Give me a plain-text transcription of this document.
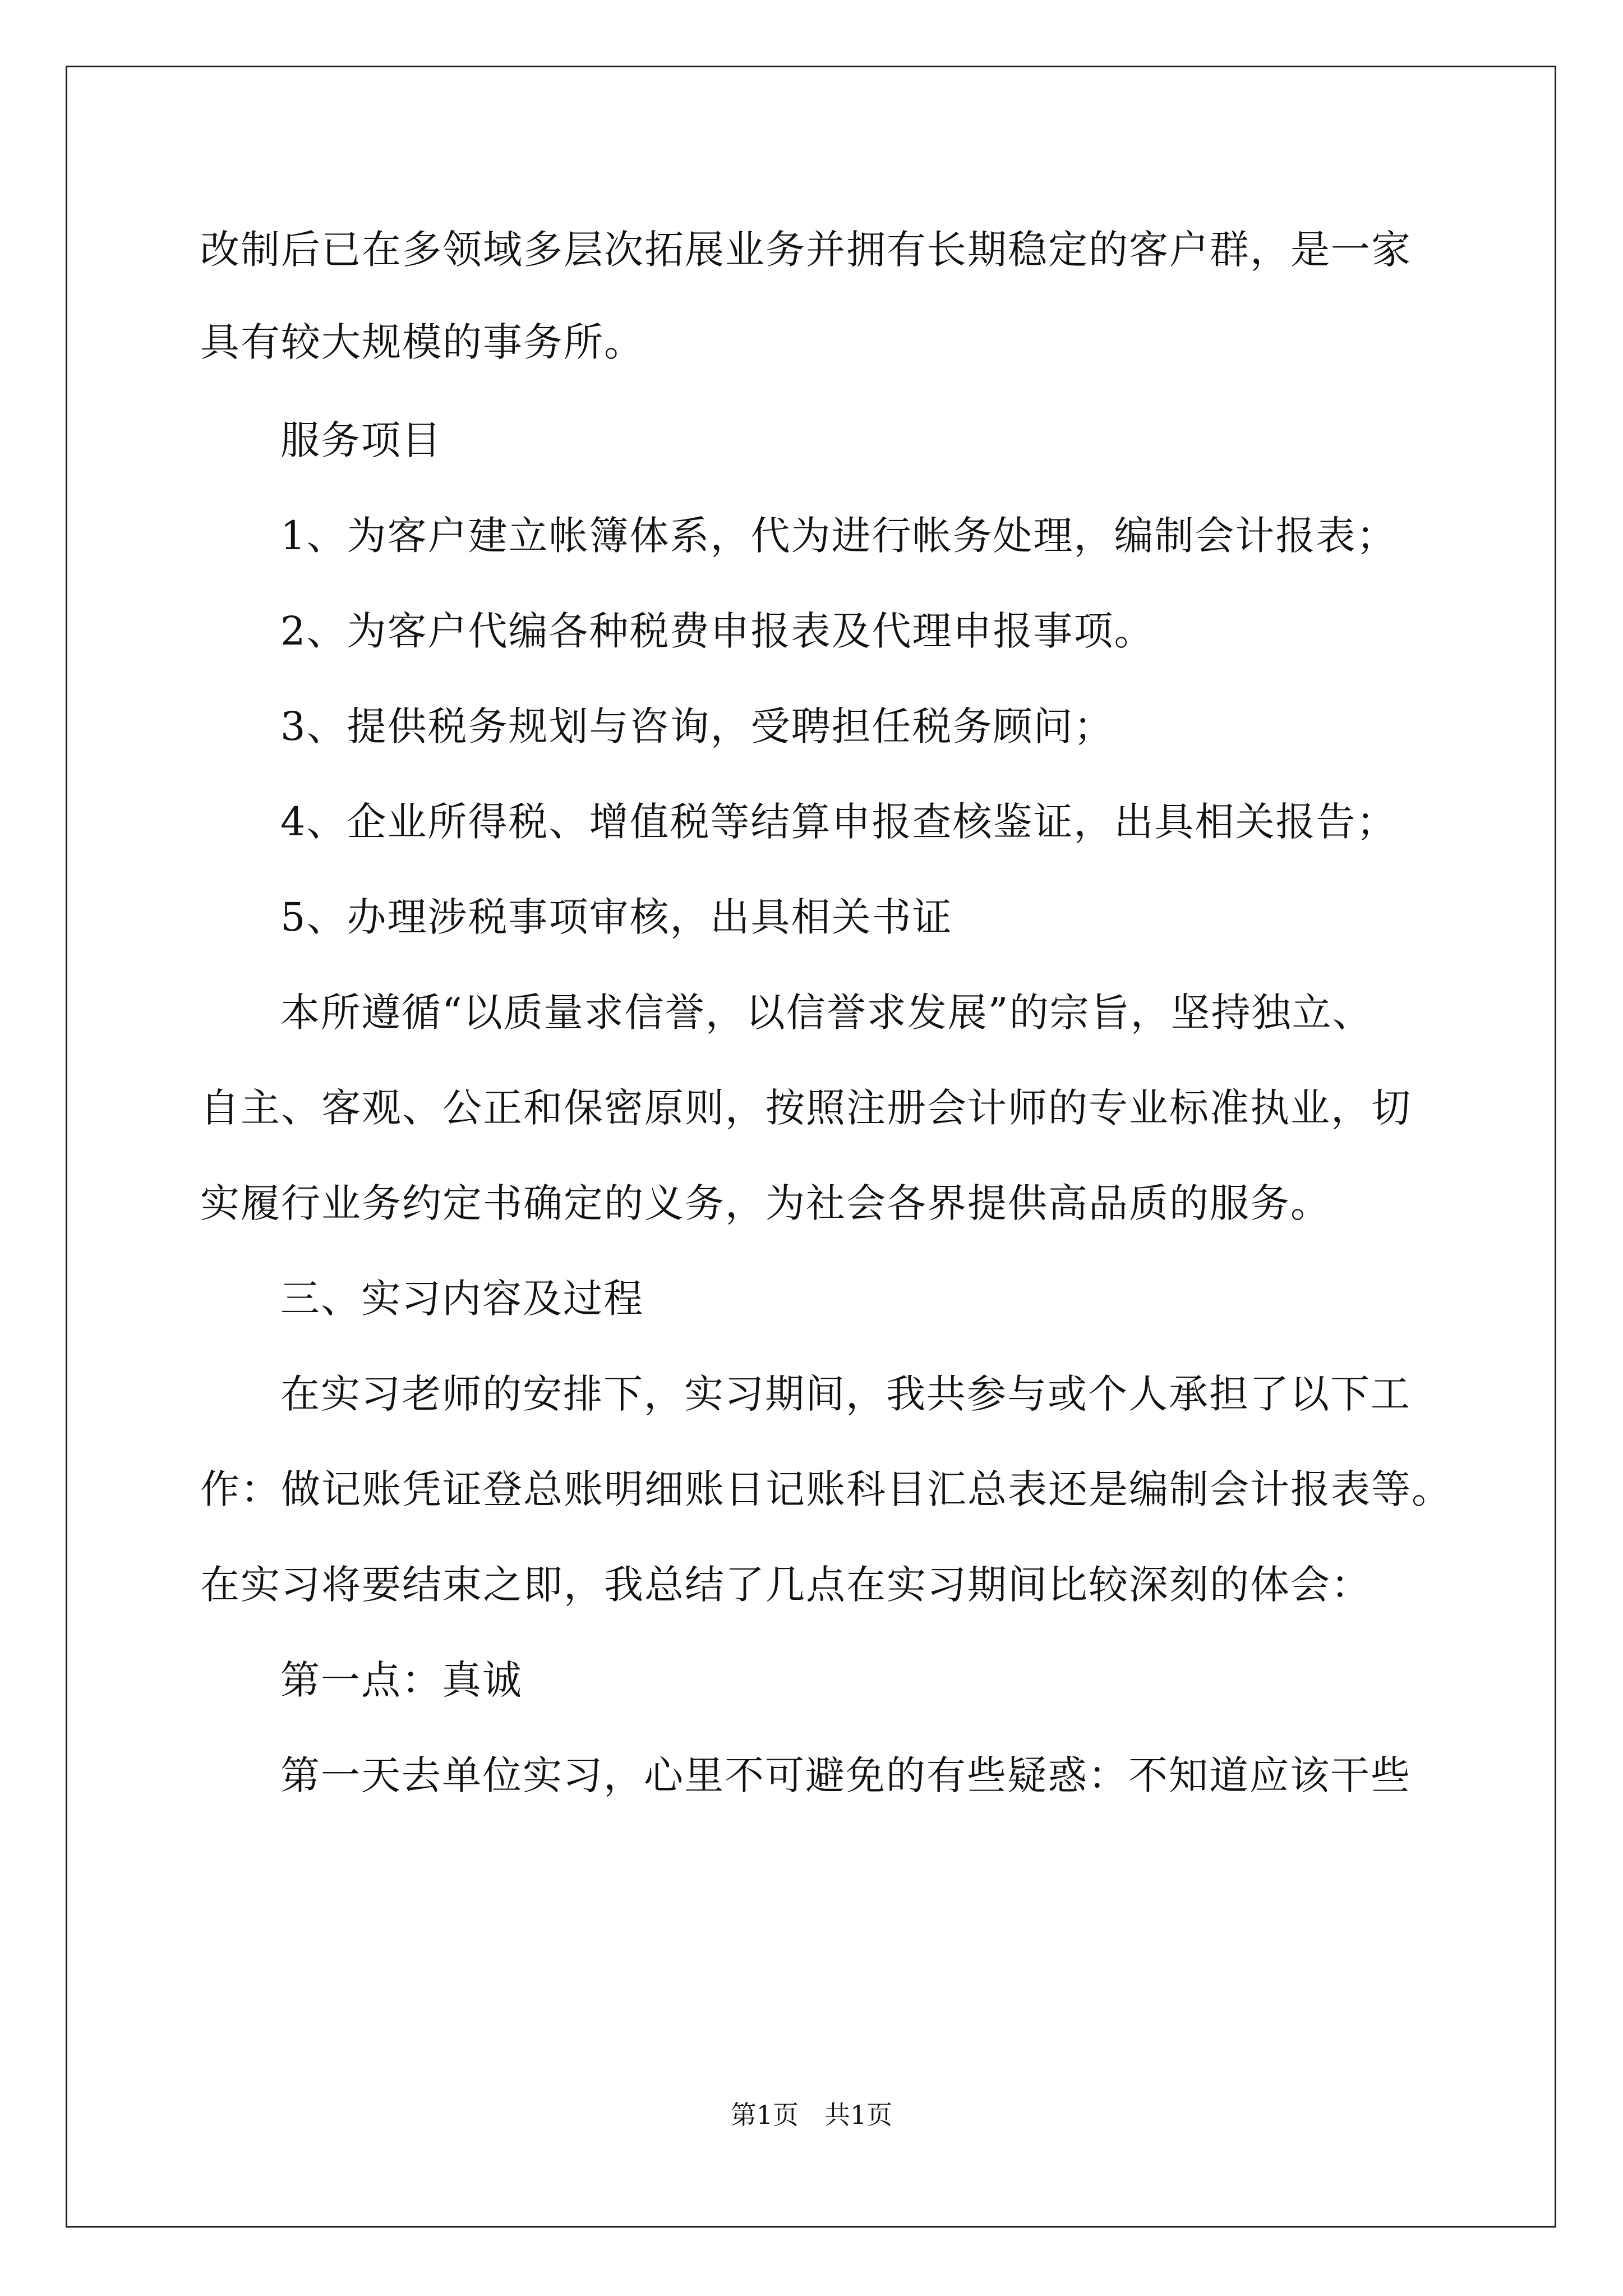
改制后已在多领域多层次拓展业务并拥有长期稳定的客户群，是一家
具有较大规模的事务所。
服务项目
1、为客户建立帐簿体系，代为进行帐务处理，编制会计报表；
2、为客户代编各种税费申报表及代理申报事项。
3、提供税务规划与咨询，受聘担任税务顾问；
4、企业所得税、增值税等结算申报查核鉴证，出具相关报告；
5、办理涉税事项审核，出具相关书证
本所遵循“以质量求信誉，以信誉求发展”的宗旨，坚持独立、
自主、客观、公正和保密原则，按照注册会计师的专业标准执业，切
实履行业务约定书确定的义务，为社会各界提供高品质的服务。
三、实习内容及过程
在实习老师的安排下，实习期间，我共参与或个人承担了以下工
作：做记账凭证登总账明细账日记账科目汇总表还是编制会计报表等。
在实习将要结束之即，我总结了几点在实习期间比较深刻的体会：
第一点：真诚
第一天去单位实习，心里不可避免的有些疑惑：不知道应该干些
第1页　共1页
